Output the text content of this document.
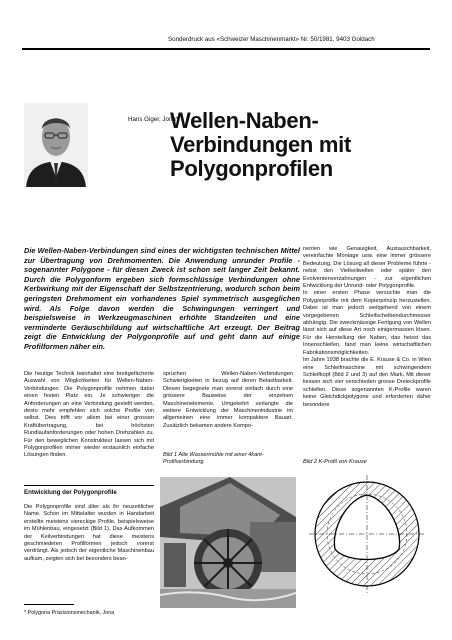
Sonderdruck aus «Schweizer Maschinenmarkt» Nr. 50/1981, 9403 Goldach
Hans Giger, Jona*
Wellen-Naben-
Verbindungen mit
Polygonprofilen
Die Wellen-Naben-Verbindungen sind eines der wichtigsten technischen Mittel zur Übertragung von Drehmomenten. Die Anwendung unrunder Profile - sogenannter Polygone - für diesen Zweck ist schon seit langer Zeit bekannt. Durch die Polygonform ergeben sich formschlüssige Verbindungen ohne Kerbwirkung mit der Eigenschaft der Selbstzentrierung, wodurch schon beim geringsten Drehmoment ein vorhandenes Spiel symmetrisch ausgeglichen wird. Als Folge davon werden die Schwingungen verringert und beispielsweise in Werkzeugmaschinen erhöhte Standzeiten und eine verminderte Geräuschbildung auf wirtschaftliche Art erzeugt. Der Beitrag zeigt die Entwicklung der Polygonprofile auf und geht dann auf einige Profilformen näher ein.

nenten wie Genauigkeit, Austauschbarkeit, vereinfachte Montage usw. eine immer grössere Bedeutung. Die Lösung all dieser Probleme führte - nebst den Vielkeilwellen oder später den Evolventenverzahnungen - zur eigentlichen Entwicklung der Unrund- oder Polygonprofile.

In einer ersten Phase versuchte man die Polygonprofile mit dem Kopierprinzip herzustellen. Dabei ist man jedoch weitgehend von einem vorgegebenen Schleifscheibendurchmesser abhängig. Die zweckmässige Fertigung von Wellen lässt sich auf diese Art noch einigermassen lösen. Für die Herstellung der Naben, das heisst das Innenschleifen, fand man keine wirtschaftlichen Fabrikationsmöglichkeiten.

Im Jahre 1938 brachte die E. Krause & Co. in Wien eine Schleifmaschine mit schwingendem Schleifkopf (Bild 2 und 3) auf den Mark. Mit dieser liessen sich vier verschieden grosse Dreieckprofile schleifen. Diese sogenannten K-Profile waren keine Gleichdickpolygone und erforderten daher besondere

Die heutige Technik beinhaltet eine breitgefächerte Auswahl von Möglichkeiten für Wellen-Naben-Verbindungen. Die Polygonprofile nehmen dabei einen festen Platz ein. Je schwieriger die Anforderungen an eine Verbindung gestellt werden, desto mehr empfehlen sich solche Profile von selbst. Dies trifft vor allem bei einer grossen Kraftübertragung, bei höchsten Rundlaufanforderungen oder hohen Drehzahlen zu. Für den beweglichen Konstrukteur lassen sich mit Polygonprofilen immer wieder erstaunlich einfache Lösungen finden.

sprüchen Wellen-Naben-Verbindungen Schwierigkeiten in bezug auf deren Belastbarkeit. Diesen begegnete man vorerst einfach durch eine grössere Bauweise der einzelnen Maschinenelemente. Umgekehrt verlangte die weitere Entwicklung der Maschinenindustrie im allgemeinen eine immer kompaktere Bauart. Zusätzlich bekamen andere Kompo-

Bild 1 Alte Wassermühle mit einer 4kant-Profilverbindung
Entwicklung der Polygonprofile

Die Polygonprofile sind älter als ihr neuzeitlicher Name. Schon im Mittelalter wurden in Handarbeit erstellte meistens viereckige Profile, beispielsweise im Mühlenbau, eingesetzt (Bild 1). Das Aufkommen der Keilverbindungen hat diese meistens geschmiedeten Profilformen jedoch vorerst verdrängt. Als jedoch der eigentliche Maschinenbau aufkam, zeigten sich bei besonders bean-

* Polygona Präzisionsmechanik, Jona
Bild 2 K-Profil von Krause
